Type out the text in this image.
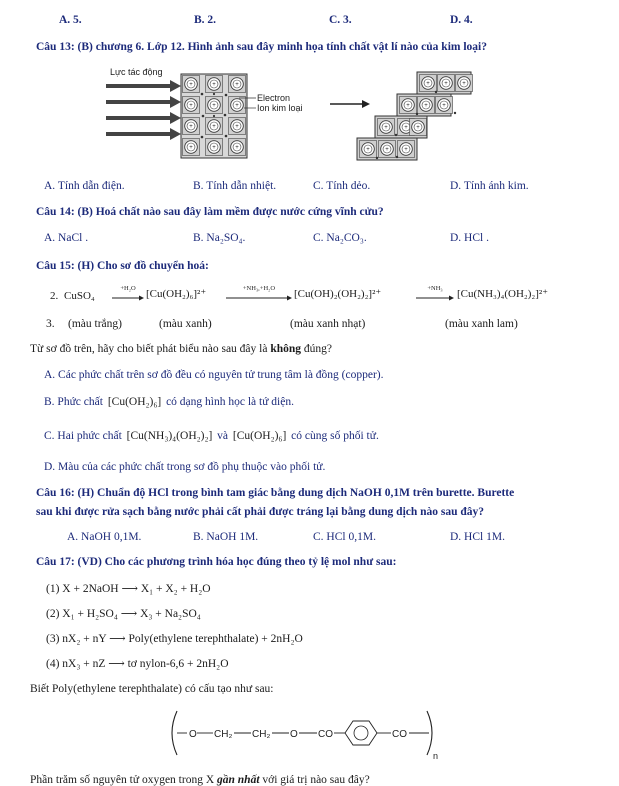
A. 5.	B. 2.	C. 3.	D. 4.
Câu 13: (B) chương 6. Lớp 12. Hình ảnh sau đây minh họa tính chất vật lí nào của kim loại?
+
Electron
Ion kim loại
Lực tác động
A. Tính dẫn điện.	B. Tính dẫn nhiệt.	C. Tính dẻo.	D. Tính ánh kim.
Câu 14: (B) Hoá chất nào sau đây làm mềm được nước cứng vĩnh cửu?
A. NaCl .	B. Na₂SO₄.	C. Na₂CO₃.	D. HCl .
Câu 15: (H) Cho sơ đồ chuyển hoá:
2. CuSO₄
+H₂O [Cu(OH₂)₆]²⁺	+NH₃,+H₂O	[Cu(OH)₂(OH₂)₂]²⁺	+NH₃	[Cu(NH₃)₄(OH₂)₂]²⁺
3. (màu trắng)	(màu xanh)	(màu xanh nhạt)	(màu xanh lam)
Từ sơ đồ trên, hãy cho biết phát biểu nào sau đây là không đúng?
A. Các phức chất trên sơ đồ đều có nguyên tử trung tâm là đồng (copper).
B. Phức chất [Cu(OH₂)₆] có dạng hình học là tứ diện.
C. Hai phức chất [Cu(NH₃)₄(OH₂)₂] và [Cu(OH₂)₆] có cùng số phối tử.
D. Màu của các phức chất trong sơ đồ phụ thuộc vào phối tử.
Câu 16: (H) Chuẩn độ HCl trong bình tam giác bằng dung dịch NaOH 0,1M trên burette. Burette
sau khi được rửa sạch bằng nước phải cất phải được tráng lại bằng dung dịch nào sau đây?
A. NaOH 0,1M.	B. NaOH 1M.	C. HCl 0,1M.	D. HCl 1M.
Câu 17: (VD) Cho các phương trình hóa học đúng theo tỷ lệ mol như sau:
(1) X + 2NaOH ⟶ X₁ + X₂ + H₂O
(2) X₁ + H₂SO₄ ⟶ X₃ + Na₂SO₄
(3) nX₂ + nY ⟶ Poly(ethylene terephthalate) + 2nH₂O
(4) nX₃ + nZ ⟶ tơ nylon-6,6 + 2nH₂O
Biết Poly(ethylene terephthalate) có cấu tạo như sau:
O CH₂ CH₂ O CO	CO
n
Phần trăm số nguyên tử oxygen trong X gần nhất với giá trị nào sau đây?
